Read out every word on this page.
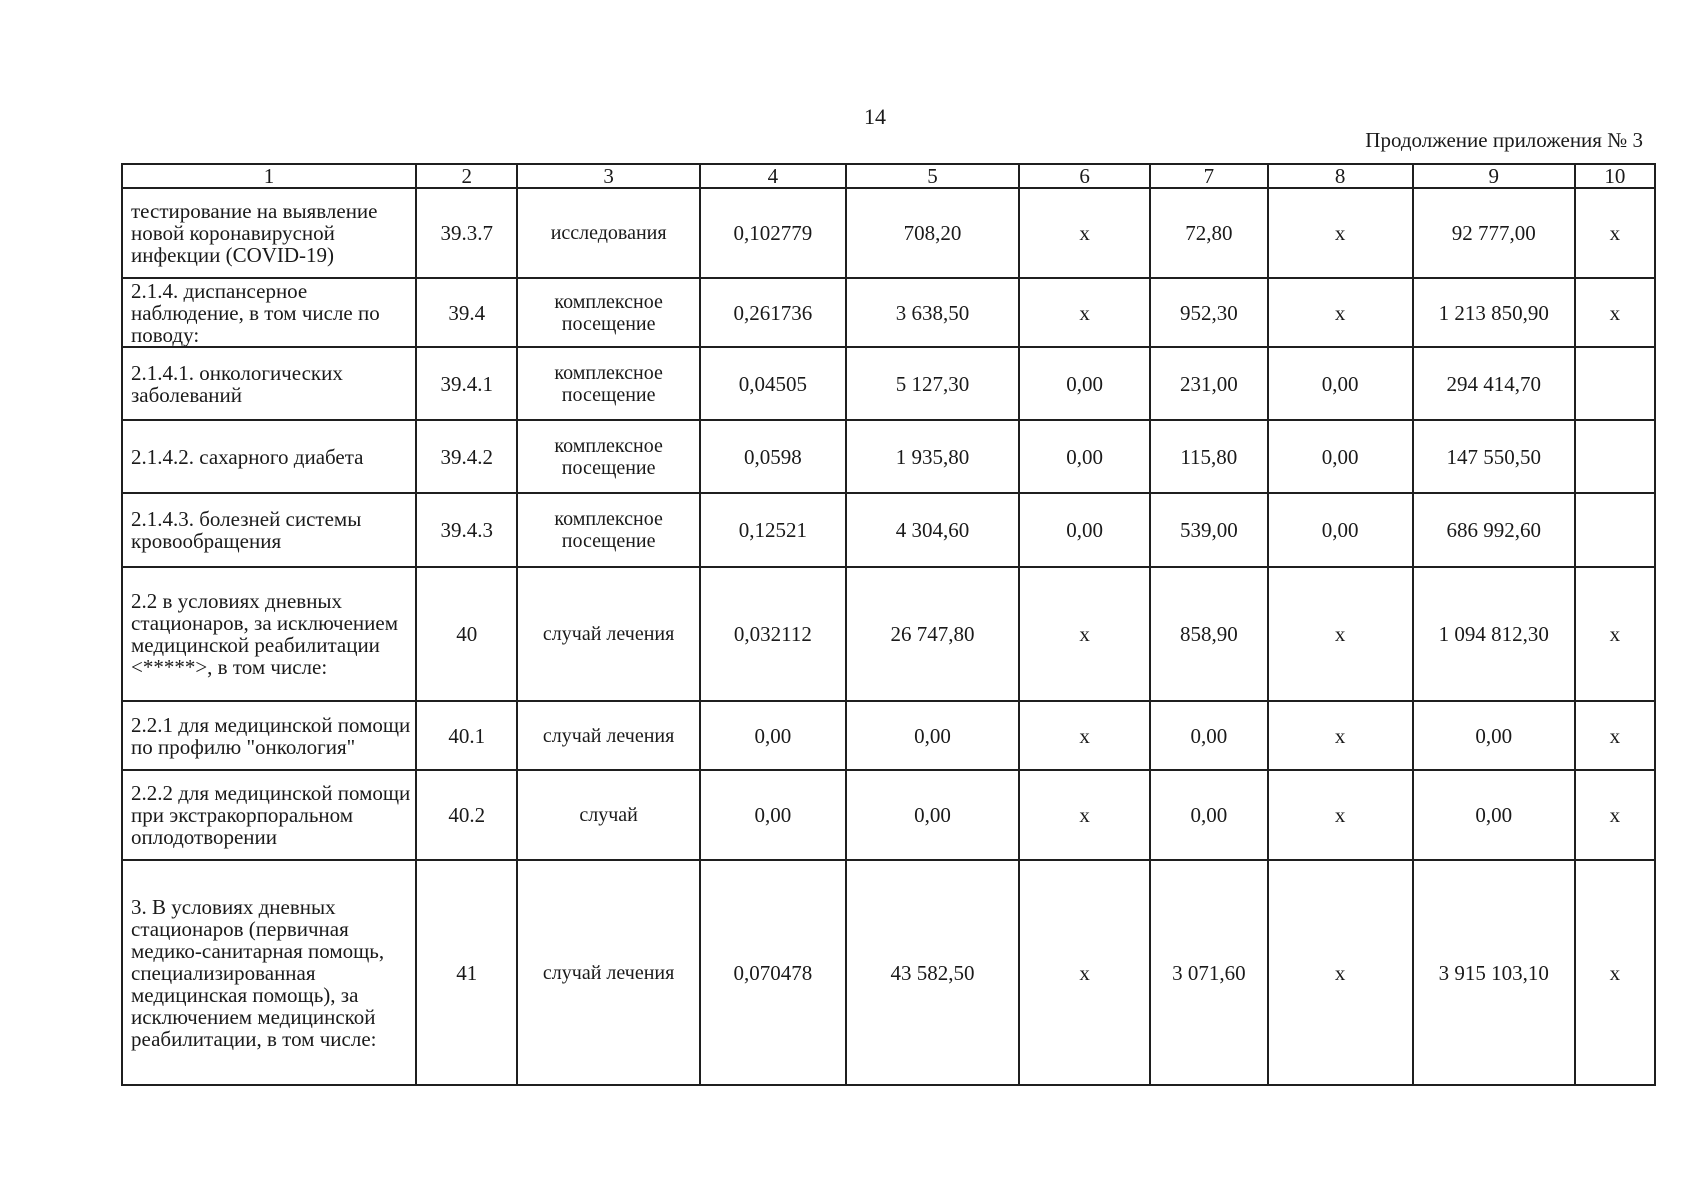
14
Продолжение приложения № 3
1	2	3	4	5	6	7	8	9	10
тестирование на выявление новой коронавирусной инфекции (COVID-19)	39.3.7	исследования	0,102779	708,20	х	72,80	х	92 777,00	х
2.1.4. диспансерное наблюдение, в том числе по поводу:	39.4	комплексное посещение	0,261736	3 638,50	х	952,30	х	1 213 850,90	х
2.1.4.1. онкологических заболеваний	39.4.1	комплексное посещение	0,04505	5 127,30	0,00	231,00	0,00	294 414,70	
2.1.4.2. сахарного диабета	39.4.2	комплексное посещение	0,0598	1 935,80	0,00	115,80	0,00	147 550,50	
2.1.4.3. болезней системы кровообращения	39.4.3	комплексное посещение	0,12521	4 304,60	0,00	539,00	0,00	686 992,60	
2.2 в условиях дневных стационаров, за исключением медицинской реабилитации <*****>, в том числе:	40	случай лечения	0,032112	26 747,80	х	858,90	х	1 094 812,30	х
2.2.1 для медицинской помощи по профилю "онкология"	40.1	случай лечения	0,00	0,00	х	0,00	х	0,00	х
2.2.2 для медицинской помощи при экстракорпоральном оплодотворении	40.2	случай	0,00	0,00	х	0,00	х	0,00	х
3. В условиях дневных стационаров (первичная медико-санитарная помощь, специализированная медицинская помощь), за исключением медицинской реабилитации, в том числе:	41	случай лечения	0,070478	43 582,50	х	3 071,60	х	3 915 103,10	х
